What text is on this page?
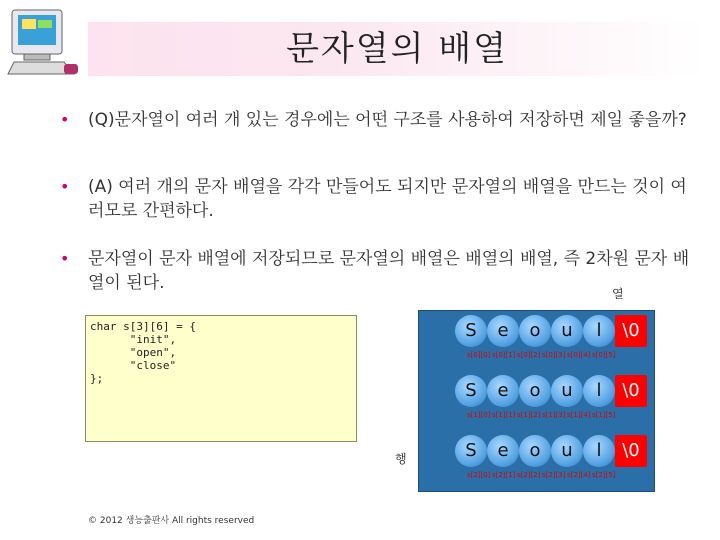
문자열의 배열
• (Q)문자열이 여러 개 있는 경우에는 어떤 구조를 사용하여 저장하면 제일 좋을까?
• (A) 여러 개의 문자 배열을 각각 만들어도 되지만 문자열의 배열을 만드는 것이 여러모로 간편하다.
• 문자열이 문자 배열에 저장되므로 문자열의 배열은 배열의 배열, 즉 2차원 문자 배열이 된다.
char s[3][6] = {
"init",
"open",
"close"
};
열
행
S	e	o	u	l	\0
s[0][0] s[0][1] s[0][2] s[0][3] s[0][4] s[0][5]
S	e	o	u	l	\0
s[1][0] s[1][1] s[1][2] s[1][3] s[1][4] s[1][5]
S	e	o	u	l	\0
s[2][0] s[2][1] s[2][2] s[2][3] s[2][4] s[2][5]
© 2012 생능출판사 All rights reserved
